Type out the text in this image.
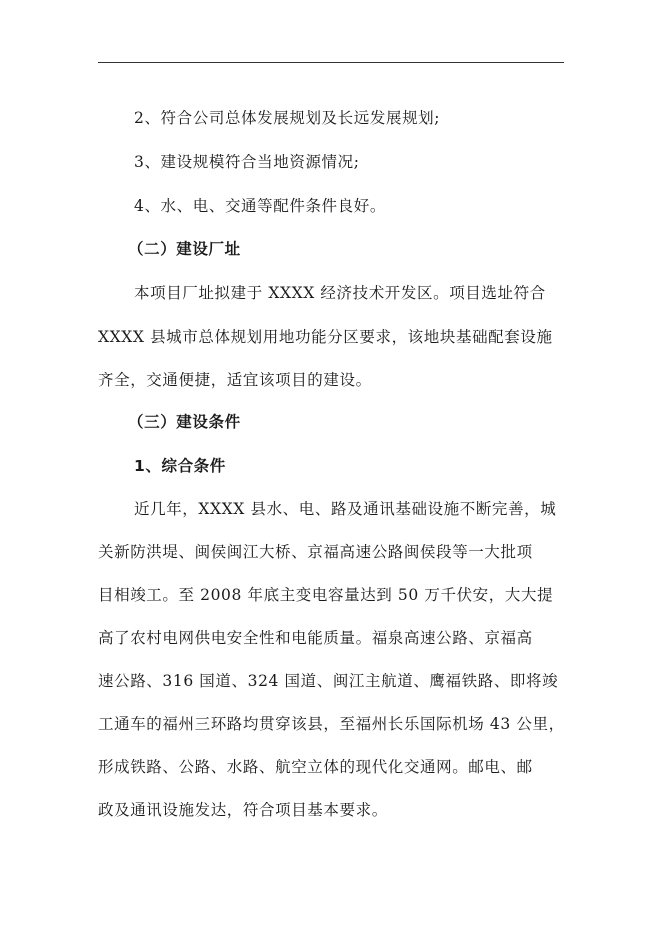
2、符合公司总体发展规划及长远发展规划;
3、建设规模符合当地资源情况;
4、水、电、交通等配件条件良好。
（二）建设厂址
本项目厂址拟建于 XXXX 经济技术开发区。项目选址符合
XXXX 县城市总体规划用地功能分区要求，该地块基础配套设施
齐全，交通便捷，适宜该项目的建设。
（三）建设条件
1、综合条件
近几年，XXXX 县水、电、路及通讯基础设施不断完善，城
关新防洪堤、闽侯闽江大桥、京福高速公路闽侯段等一大批项
目相竣工。至 2008 年底主变电容量达到 50 万千伏安，大大提
高了农村电网供电安全性和电能质量。福泉高速公路、京福高
速公路、316 国道、324 国道、闽江主航道、鹰福铁路、即将竣
工通车的福州三环路均贯穿该县，至福州长乐国际机场 43 公里，
形成铁路、公路、水路、航空立体的现代化交通网。邮电、邮
政及通讯设施发达，符合项目基本要求。
